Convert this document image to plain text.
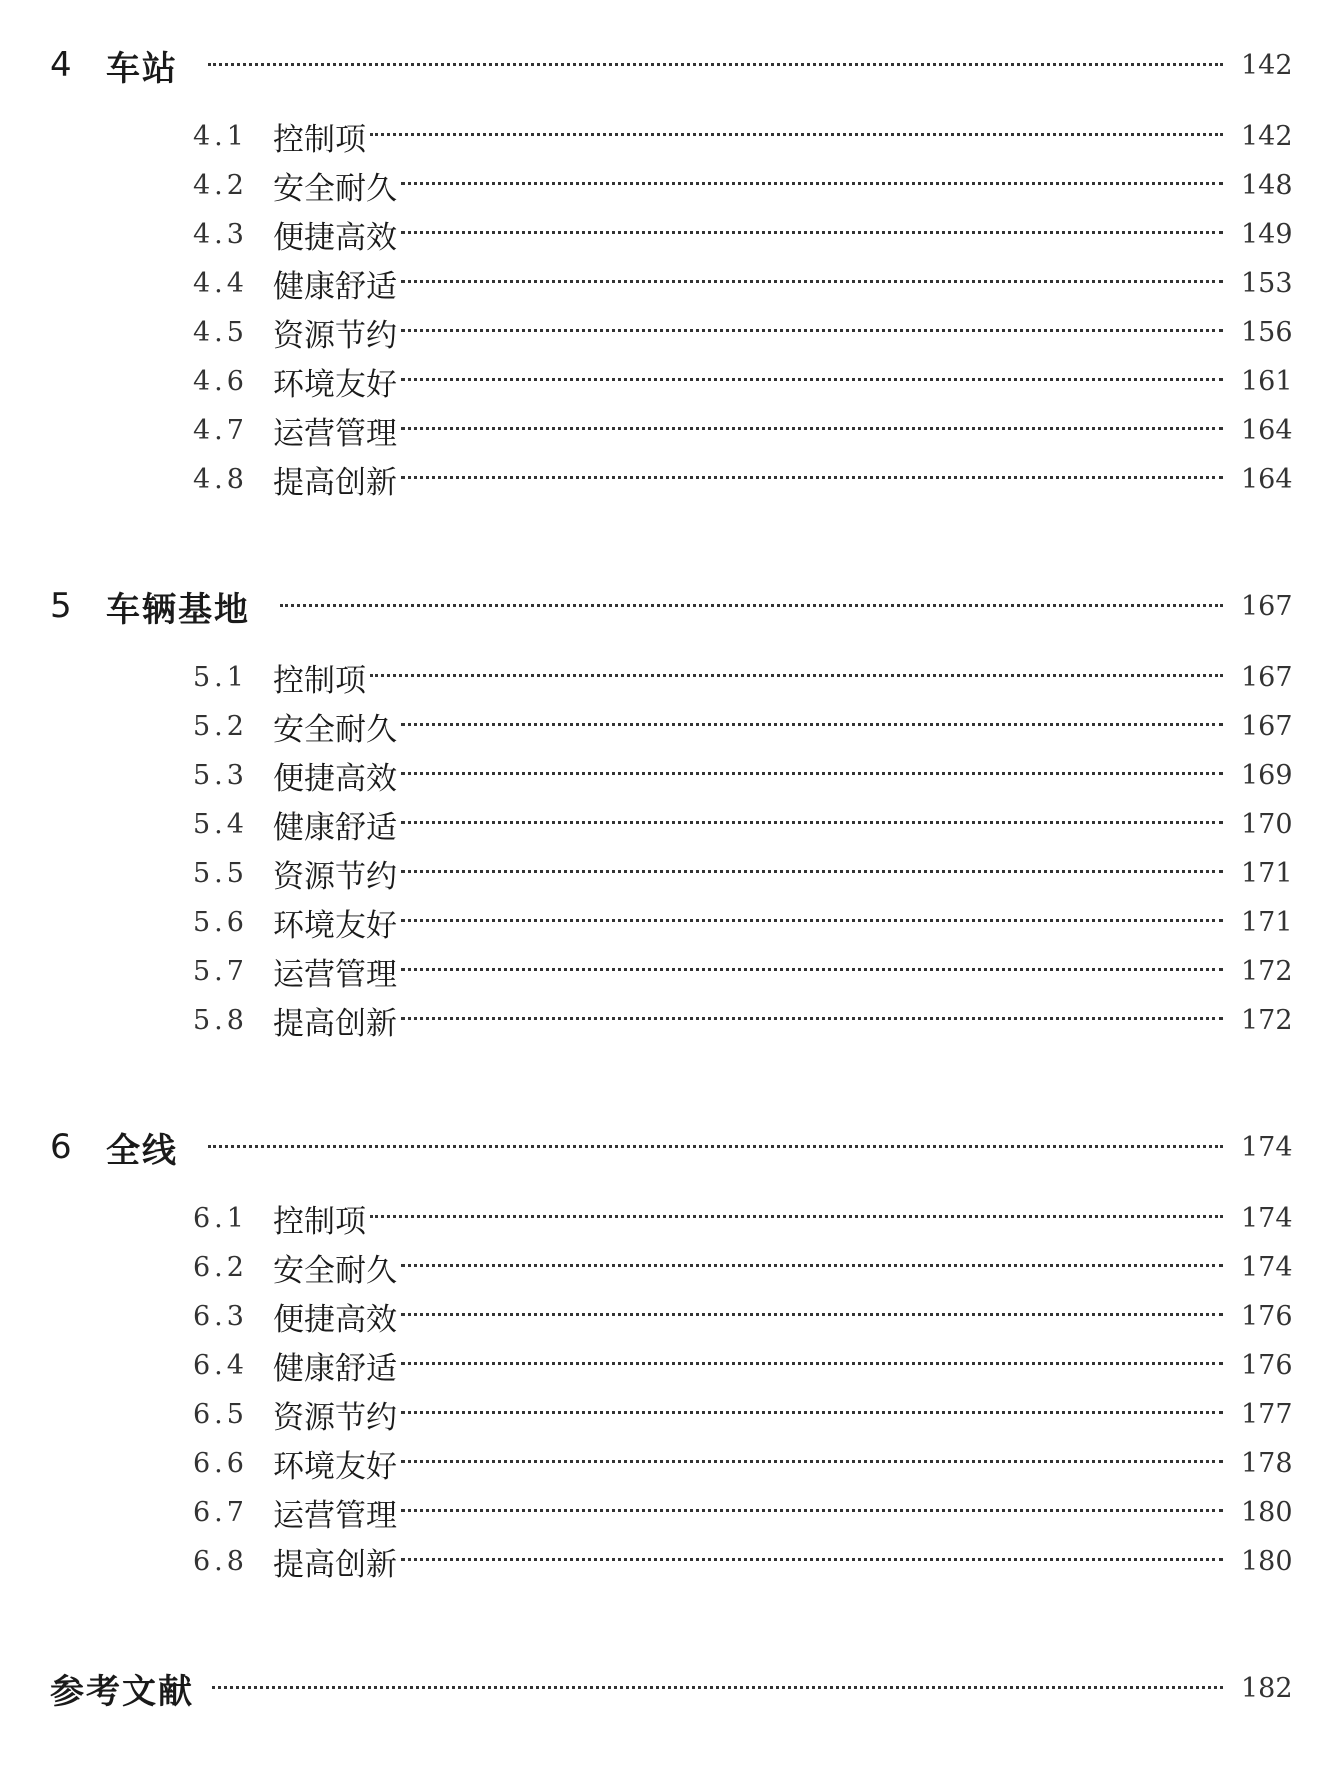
4	车站	142
4.1 控制项	142
4.2 安全耐久	148
4.3 便捷高效	149
4.4 健康舒适	153
4.5 资源节约	156
4.6 环境友好	161
4.7 运营管理	164
4.8 提高创新	164
5	车辆基地	167
5.1 控制项	167
5.2 安全耐久	167
5.3 便捷高效	169
5.4 健康舒适	170
5.5 资源节约	171
5.6 环境友好	171
5.7 运营管理	172
5.8 提高创新	172
6	全线	174
6.1 控制项	174
6.2 安全耐久	174
6.3 便捷高效	176
6.4 健康舒适	176
6.5 资源节约	177
6.6 环境友好	178
6.7 运营管理	180
6.8 提高创新	180
参考文献	182
